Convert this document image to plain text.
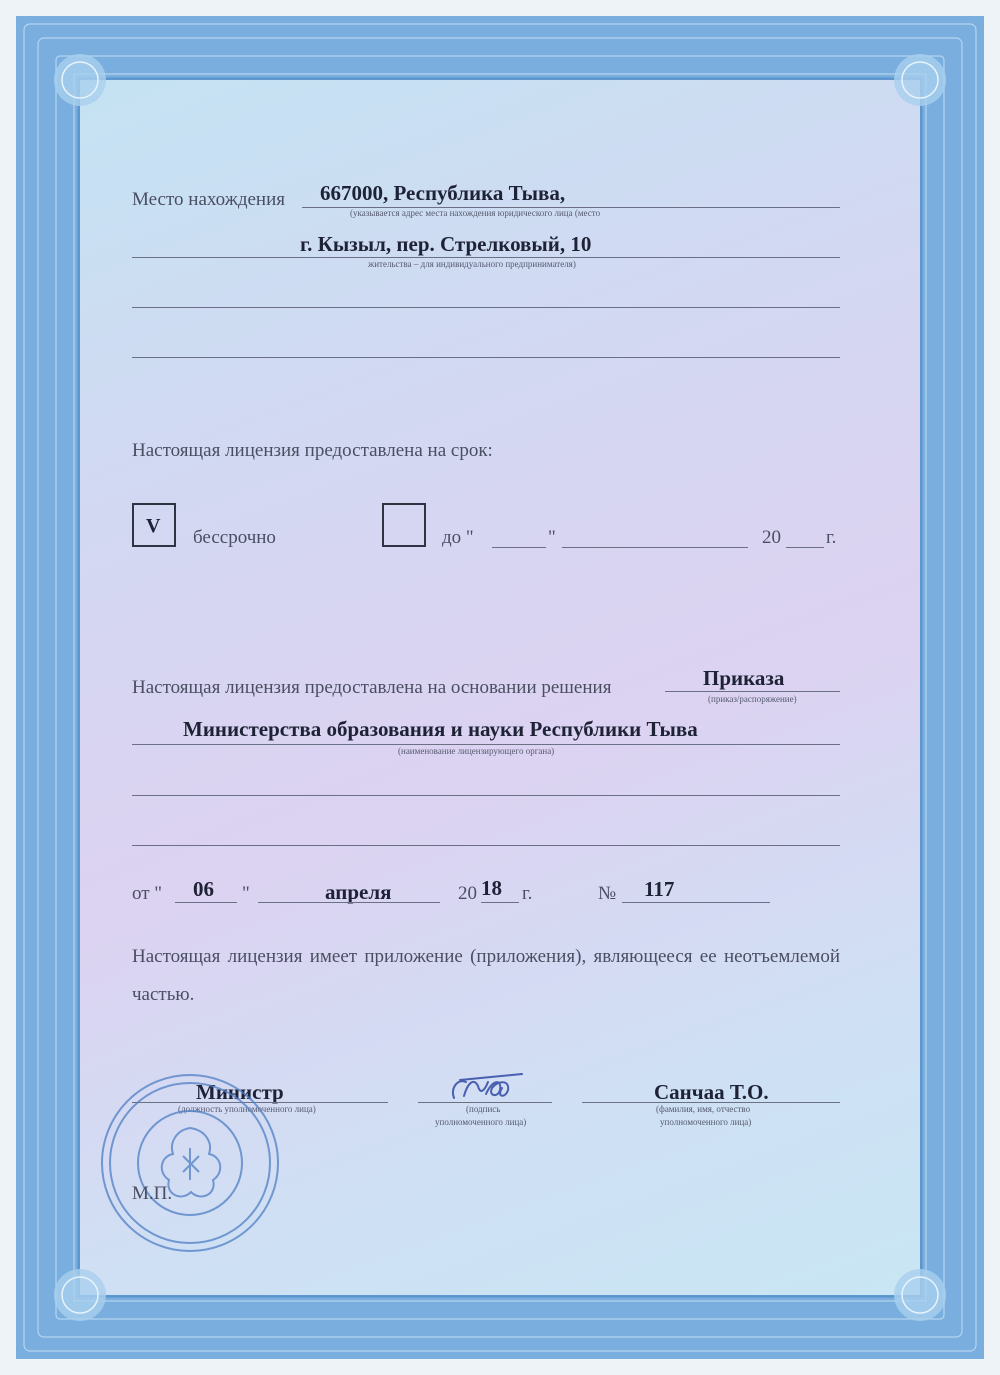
Место нахождения 667000, Республика Тыва,
(указывается адрес места нахождения юридического лица (место
г. Кызыл, пер. Стрелковый, 10
жительства – для индивидуального предпринимателя)
Настоящая лицензия предоставлена на срок:
V
бессрочно	до "	"	20 г.
Настоящая лицензия предоставлена на основании решения	Приказа
(приказ/распоряжение)
Министерства образования и науки Республики Тыва
(наименование лицензирующего органа)
от " 06 "	апреля	20 18 г.	№ 117
Настоящая лицензия имеет приложение (приложения), являющееся ее неотъемлемой частью.
Министр
(должность уполномоченного лица)	(подпись
уполномоченного лица)
Санчаа Т.О.
(фамилия, имя, отчество
уполномоченного лица)
М.П.
